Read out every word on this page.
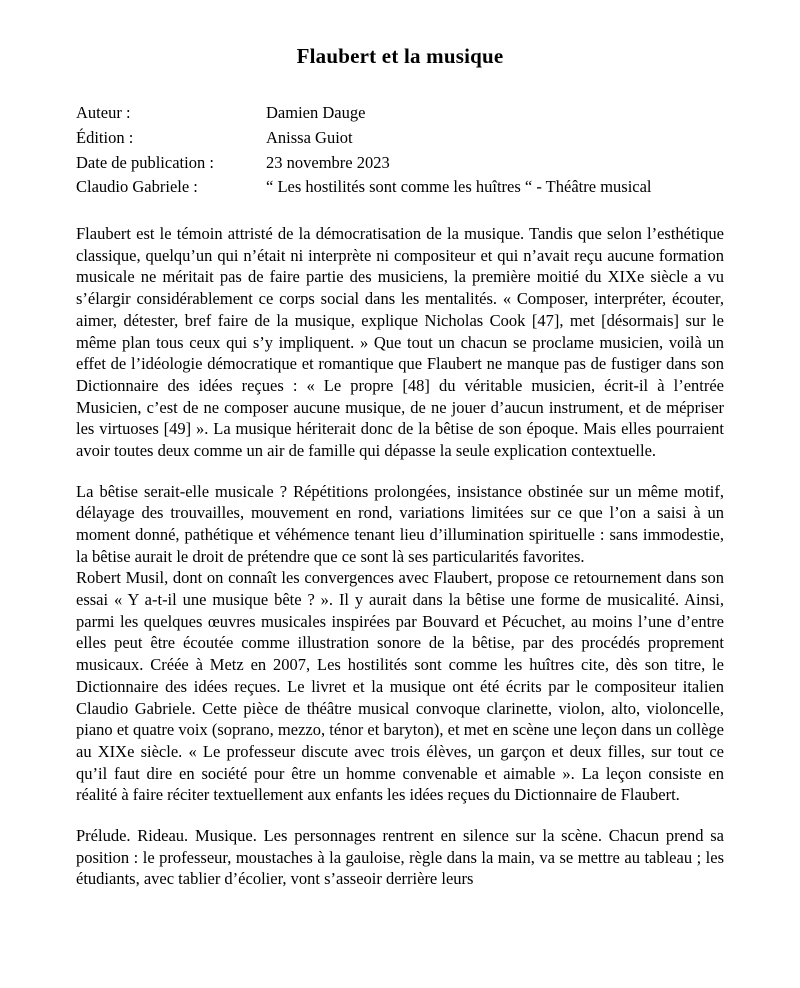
Flaubert et la musique
Auteur :	Damien Dauge
Édition :	Anissa Guiot
Date de publication :	23 novembre 2023
Claudio Gabriele :	“ Les hostilités sont comme les huîtres “ - Théâtre musical

Flaubert est le témoin attristé de la démocratisation de la musique. Tandis que selon l’esthétique classique, quelqu’un qui n’était ni interprète ni compositeur et qui n’avait reçu aucune formation musicale ne méritait pas de faire partie des musiciens, la première moitié du XIXe siècle a vu s’élargir considérablement ce corps social dans les mentalités. « Composer, interpréter, écouter, aimer, détester, bref faire de la musique, explique Nicholas Cook [47], met [désormais] sur le même plan tous ceux qui s’y impliquent. » Que tout un chacun se proclame musicien, voilà un effet de l’idéologie démocratique et romantique que Flaubert ne manque pas de fustiger dans son Dictionnaire des idées reçues : « Le propre [48] du véritable musicien, écrit-il à l’entrée Musicien, c’est de ne composer aucune musique, de ne jouer d’aucun instrument, et de mépriser les virtuoses [49] ». La musique hériterait donc de la bêtise de son époque. Mais elles pourraient avoir toutes deux comme un air de famille qui dépasse la seule explication contextuelle.

La bêtise serait-elle musicale ? Répétitions prolongées, insistance obstinée sur un même motif, délayage des trouvailles, mouvement en rond, variations limitées sur ce que l’on a saisi à un moment donné, pathétique et véhémence tenant lieu d’illumination spirituelle : sans immodestie, la bêtise aurait le droit de prétendre que ce sont là ses particularités favorites.

Robert Musil, dont on connaît les convergences avec Flaubert, propose ce retournement dans son essai « Y a-t-il une musique bête ? ». Il y aurait dans la bêtise une forme de musicalité. Ainsi, parmi les quelques œuvres musicales inspirées par Bouvard et Pécuchet, au moins l’une d’entre elles peut être écoutée comme illustration sonore de la bêtise, par des procédés proprement musicaux. Créée à Metz en 2007, Les hostilités sont comme les huîtres cite, dès son titre, le Dictionnaire des idées reçues. Le livret et la musique ont été écrits par le compositeur italien Claudio Gabriele. Cette pièce de théâtre musical convoque clarinette, violon, alto, violoncelle, piano et quatre voix (soprano, mezzo, ténor et baryton), et met en scène une leçon dans un collège au XIXe siècle. « Le professeur discute avec trois élèves, un garçon et deux filles, sur tout ce qu’il faut dire en société pour être un homme convenable et aimable ». La leçon consiste en réalité à faire réciter textuellement aux enfants les idées reçues du Dictionnaire de Flaubert.

Prélude. Rideau. Musique. Les personnages rentrent en silence sur la scène. Chacun prend sa position : le professeur, moustaches à la gauloise, règle dans la main, va se mettre au tableau ; les étudiants, avec tablier d’écolier, vont s’asseoir derrière leurs
